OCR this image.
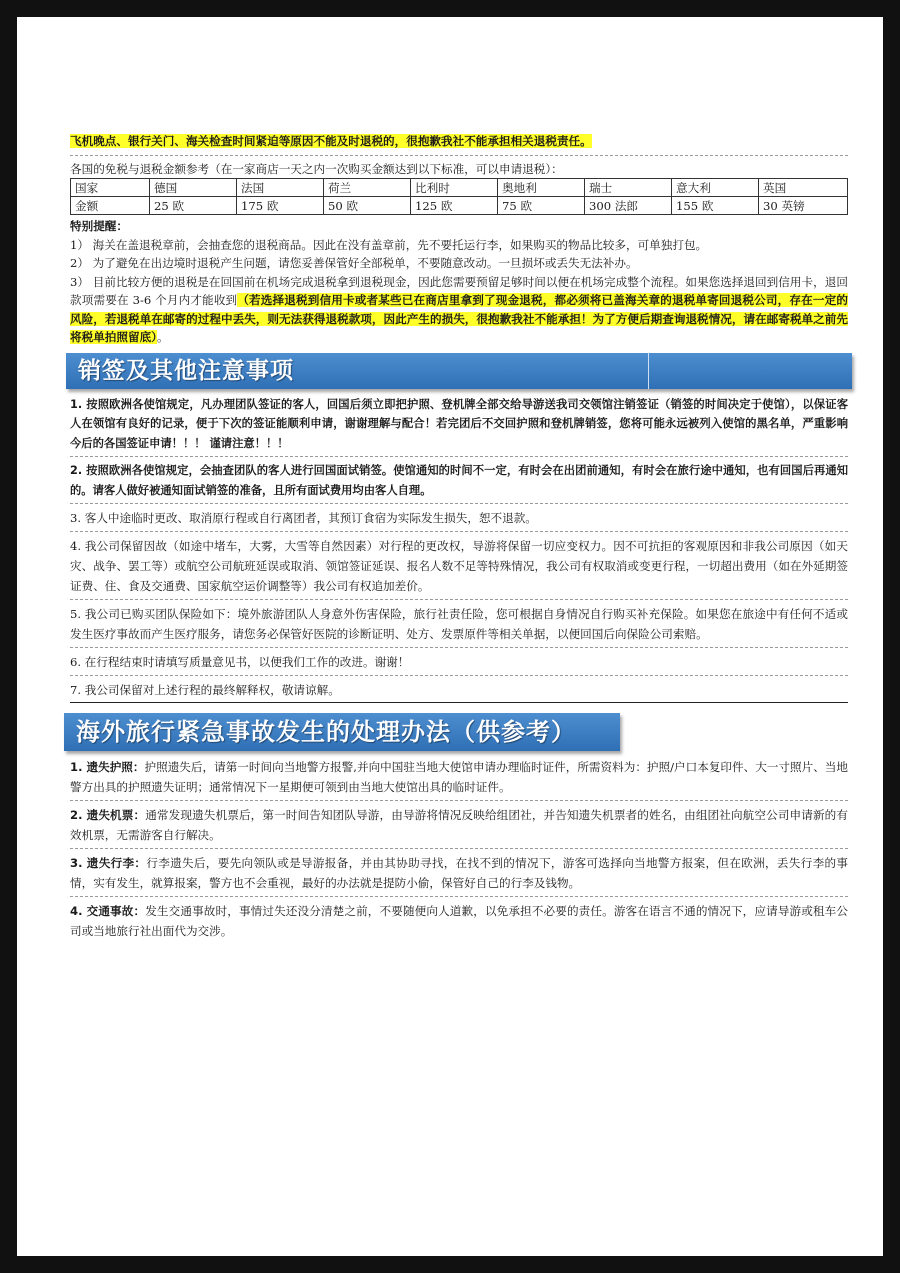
飞机晚点、银行关门、海关检查时间紧迫等原因不能及时退税的，很抱歉我社不能承担相关退税责任。

各国的免税与退税金额参考（在一家商店一天之内一次购买金额达到以下标准，可以申请退税）：

国家	德国	法国	荷兰	比利时	奥地利	瑞士	意大利	英国
金额	25 欧	175 欧	50 欧	125 欧	75 欧	300 法郎	155 欧	30 英镑
特别提醒：

1） 海关在盖退税章前，会抽查您的退税商品。因此在没有盖章前，先不要托运行李，如果购买的物品比较多，可单独打包。

2） 为了避免在出边境时退税产生问题，请您妥善保管好全部税单，不要随意改动。一旦损坏或丢失无法补办。

3） 目前比较方便的退税是在回国前在机场完成退税拿到退税现金，因此您需要预留足够时间以便在机场完成整个流程。如果您选择退回到信用卡，退回款项需要在 3-6 个月内才能收到（若选择退税到信用卡或者某些已在商店里拿到了现金退税，都必须将已盖海关章的退税单寄回退税公司，存在一定的风险，若退税单在邮寄的过程中丢失，则无法获得退税款项，因此产生的损失，很抱歉我社不能承担！为了方便后期查询退税情况，请在邮寄税单之前先将税单拍照留底）。

销签及其他注意事项

1. 按照欧洲各使馆规定，凡办理团队签证的客人，回国后须立即把护照、登机牌全部交给导游送我司交领馆注销签证（销签的时间决定于使馆），以保证客人在领馆有良好的记录，便于下次的签证能顺利申请，谢谢理解与配合！若完团后不交回护照和登机牌销签，您将可能永远被列入使馆的黑名单，严重影响今后的各国签证申请！！！ 谨请注意！！！

2. 按照欧洲各使馆规定，会抽查团队的客人进行回国面试销签。使馆通知的时间不一定，有时会在出团前通知，有时会在旅行途中通知，也有回国后再通知的。请客人做好被通知面试销签的准备，且所有面试费用均由客人自理。

3. 客人中途临时更改、取消原行程或自行离团者，其预订食宿为实际发生损失，恕不退款。

4. 我公司保留因故（如途中堵车，大雾，大雪等自然因素）对行程的更改权，导游将保留一切应变权力。因不可抗拒的客观原因和非我公司原因（如天灾、战争、罢工等）或航空公司航班延误或取消、领馆签证延误、报名人数不足等特殊情况，我公司有权取消或变更行程，一切超出费用（如在外延期签证费、住、食及交通费、国家航空运价调整等）我公司有权追加差价。

5. 我公司已购买团队保险如下：境外旅游团队人身意外伤害保险，旅行社责任险，您可根据自身情况自行购买补充保险。如果您在旅途中有任何不适或发生医疗事故而产生医疗服务，请您务必保管好医院的诊断证明、处方、发票原件等相关单据，以便回国后向保险公司索赔。

6. 在行程结束时请填写质量意见书，以便我们工作的改进。谢谢！

7. 我公司保留对上述行程的最终解释权，敬请谅解。

海外旅行紧急事故发生的处理办法（供参考）

1. 遗失护照：护照遗失后，请第一时间向当地警方报警,并向中国驻当地大使馆申请办理临时证件，所需资料为：护照/户口本复印件、大一寸照片、当地警方出具的护照遗失证明；通常情况下一星期便可领到由当地大使馆出具的临时证件。

2. 遗失机票：通常发现遗失机票后，第一时间告知团队导游，由导游将情况反映给组团社，并告知遗失机票者的姓名，由组团社向航空公司申请新的有效机票，无需游客自行解决。

3. 遗失行李：行李遗失后，要先向领队或是导游报备，并由其协助寻找，在找不到的情况下，游客可选择向当地警方报案，但在欧洲，丢失行李的事情，实有发生，就算报案，警方也不会重视，最好的办法就是提防小偷，保管好自己的行李及钱物。

4. 交通事故：发生交通事故时，事情过失还没分清楚之前，不要随便向人道歉，以免承担不必要的责任。游客在语言不通的情况下，应请导游或租车公司或当地旅行社出面代为交涉。
